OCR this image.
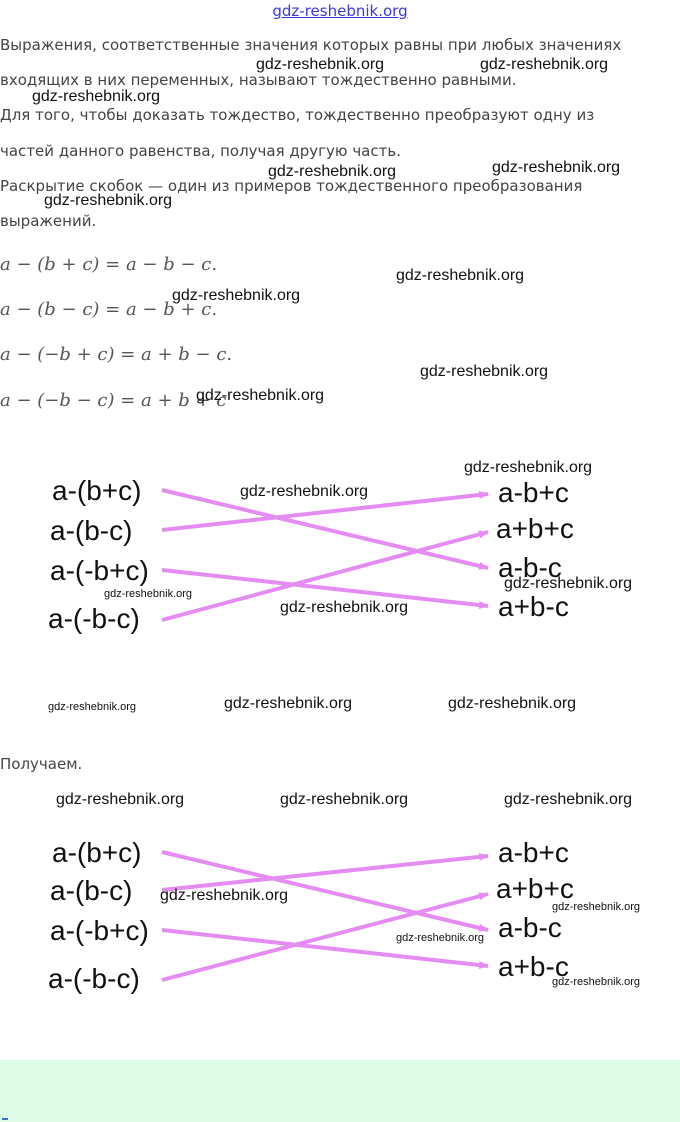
gdz-reshebnik.org
Выражения, соответственные значения которых равны при любых значениях
входящих в них переменных, называют тождественно равными.
Для того, чтобы доказать тождество, тождественно преобразуют одну из
частей данного равенства, получая другую часть.
Раскрытие скобок — один из примеров тождественного преобразования
выражений.
a − (b + c) = a − b − c.
a − (b − c) = a − b + c.
a − (−b + c) = a + b − c.
a − (−b − c) = a + b + c
a-(b+c)
a-(b-c)
a-(-b+c)
a-(-b-c)
a-b+c
a+b+c
a-b-c
a+b-c
Получаем.
a-(b+c)
a-(b-c)
a-(-b+c)
a-(-b-c)
a-b+c
a+b+c
a-b-c
a+b-c
gdz-reshebnik.org	gdz-reshebnik.org
gdz-reshebnik.org
gdz-reshebnik.org	gdz-reshebnik.org
gdz-reshebnik.org
gdz-reshebnik.org
gdz-reshebnik.org
gdz-reshebnik.org
gdz-reshebnik.org
gdz-reshebnik.org
gdz-reshebnik.org
gdz-reshebnik.org
gdz-reshebnik.org
gdz-reshebnik.org
gdz-reshebnik.org	gdz-reshebnik.org	gdz-reshebnik.org
gdz-reshebnik.org	gdz-reshebnik.org	gdz-reshebnik.org
gdz-reshebnik.org
gdz-reshebnik.org
gdz-reshebnik.org
gdz-reshebnik.org
